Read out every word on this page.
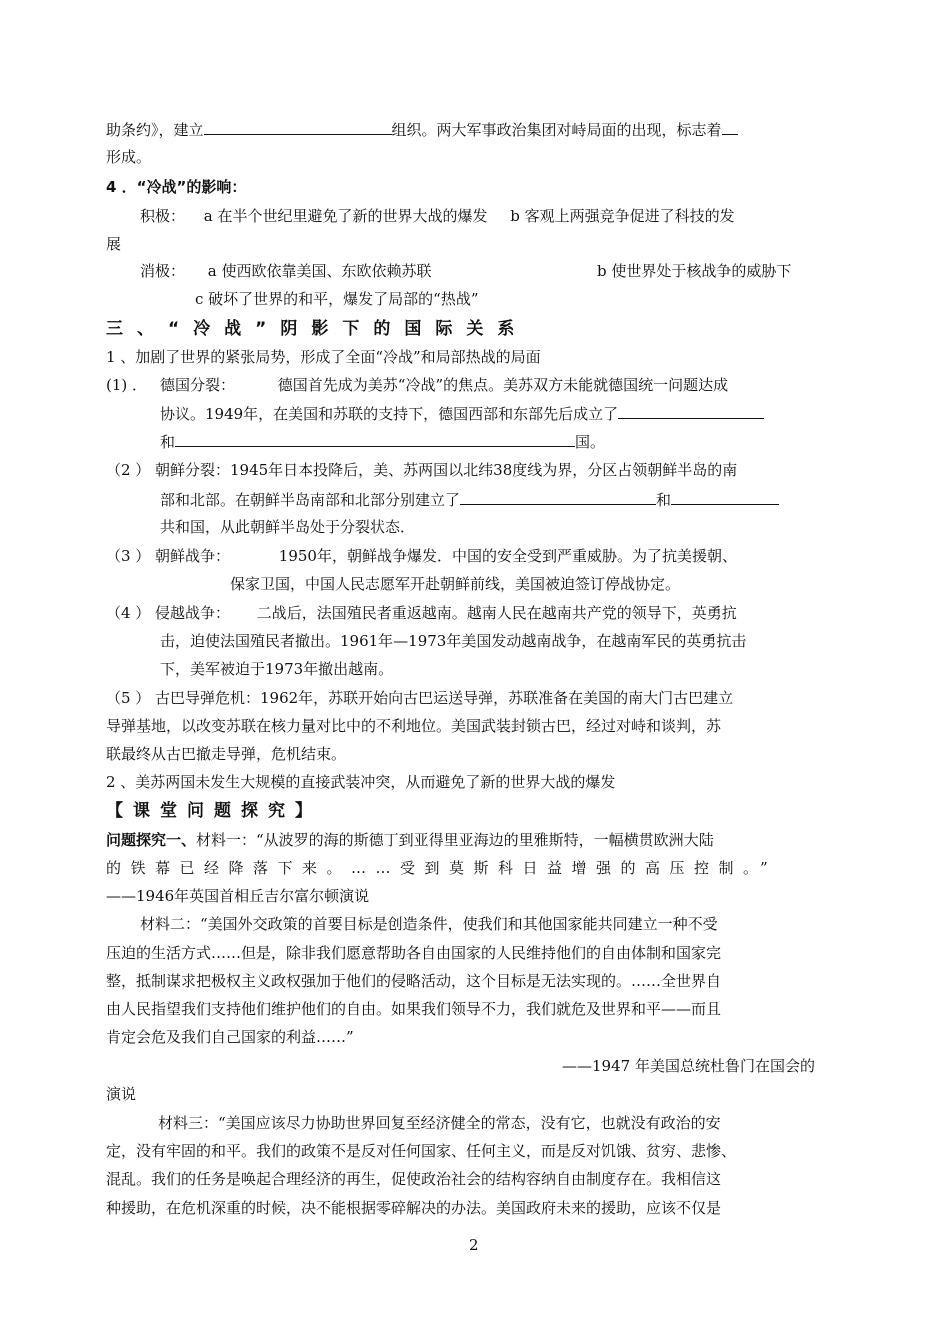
助条约》，建立	组织。两大军事政治集团对峙局面的出现，标志着
形成。
4 ．“冷战”的影响：
积极： a 在半个世纪里避免了新的世界大战的爆发 b 客观上两强竞争促进了科技的发
展
消极： a 使西欧依靠美国、东欧依赖苏联	b 使世界处于核战争的威胁下
c 破坏了世界的和平，爆发了局部的“热战”
三、“冷战”阴影下的国际关系
1 、加剧了世界的紧张局势，形成了全面“冷战”和局部热战的局面
(1) ． 德国分裂：	德国首先成为美苏“冷战”的焦点。美苏双方未能就德国统一问题达成
协议。1949年，在美国和苏联的支持下，德国西部和东部先后成立了
和	国。
（2 ） 朝鲜分裂：1945年日本投降后，美、苏两国以北纬38度线为界，分区占领朝鲜半岛的南
部和北部。在朝鲜半岛南部和北部分别建立了	和
共和国，从此朝鲜半岛处于分裂状态．
（3 ） 朝鲜战争：	1950年，朝鲜战争爆发．中国的安全受到严重威胁。为了抗美援朝、
保家卫国，中国人民志愿军开赴朝鲜前线，美国被迫签订停战协定。
（4 ） 侵越战争： 二战后，法国殖民者重返越南。越南人民在越南共产党的领导下，英勇抗
击，迫使法国殖民者撤出。1961年—1973年美国发动越南战争，在越南军民的英勇抗击
下，美军被迫于1973年撤出越南。
（5 ） 古巴导弹危机：1962年，苏联开始向古巴运送导弹，苏联准备在美国的南大门古巴建立
导弹基地，以改变苏联在核力量对比中的不利地位。美国武装封锁古巴，经过对峙和谈判，苏
联最终从古巴撤走导弹，危机结束。
2 、美苏两国未发生大规模的直接武装冲突，从而避免了新的世界大战的爆发
【课堂问题探究】
问题探究一、材料一：“从波罗的海的斯德丁到亚得里亚海边的里雅斯特，一幅横贯欧洲大陆
的铁幕已经降落下来。……受到莫斯科日益增强的高压控制。”
——1946年英国首相丘吉尔富尔顿演说
材料二：“美国外交政策的首要目标是创造条件，使我们和其他国家能共同建立一种不受
压迫的生活方式……但是，除非我们愿意帮助各自由国家的人民维持他们的自由体制和国家完
整，抵制谋求把极权主义政权强加于他们的侵略活动，这个目标是无法实现的。……全世界自
由人民指望我们支持他们维护他们的自由。如果我们领导不力，我们就危及世界和平——而且
肯定会危及我们自己国家的利益……”
——1947 年美国总统杜鲁门在国会的
演说
材料三：“美国应该尽力协助世界回复至经济健全的常态，没有它，也就没有政治的安
定，没有牢固的和平。我们的政策不是反对任何国家、任何主义，而是反对饥饿、贫穷、悲惨、
混乱。我们的任务是唤起合理经济的再生，促使政治社会的结构容纳自由制度存在。我相信这
种援助，在危机深重的时候，决不能根据零碎解决的办法。美国政府未来的援助，应该不仅是
2
